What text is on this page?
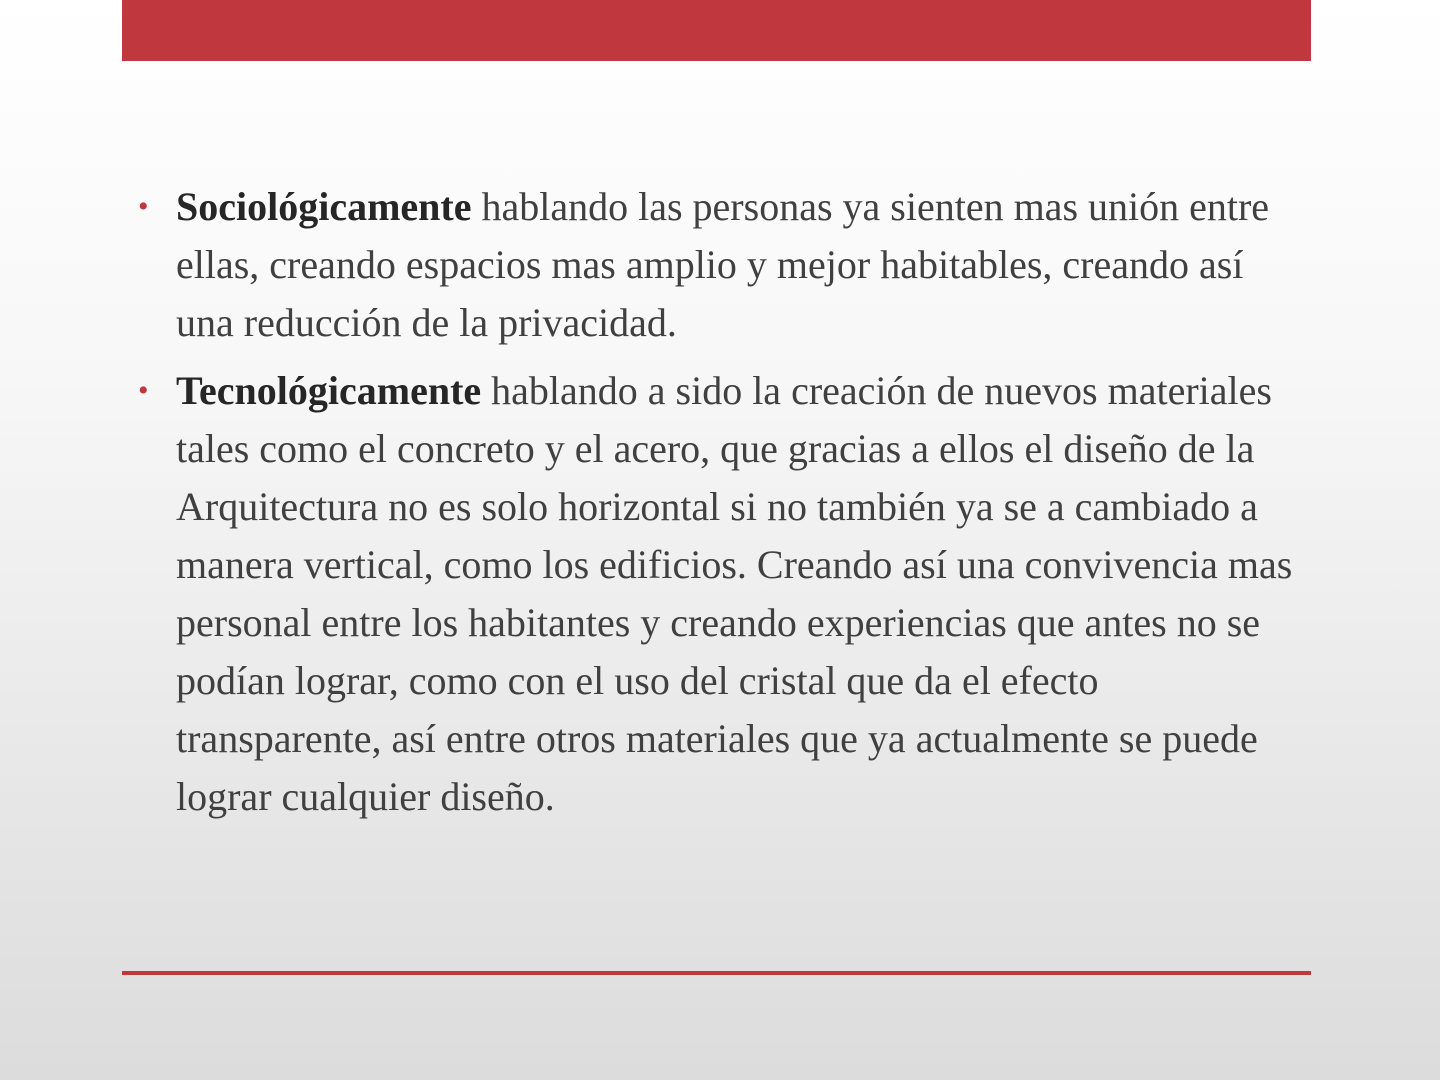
• Sociológicamente hablando las personas ya sienten mas unión entre ellas, creando espacios mas amplio y mejor habitables, creando así una reducción de la privacidad.
• Tecnológicamente hablando a sido la creación de nuevos materiales tales como el concreto y el acero, que gracias a ellos el diseño de la Arquitectura no es solo horizontal si no también ya se a cambiado a manera vertical, como los edificios. Creando así una convivencia mas personal entre los habitantes y creando experiencias que antes no se podían lograr, como con el uso del cristal que da el efecto transparente, así entre otros materiales que ya actualmente se puede lograr cualquier diseño.
